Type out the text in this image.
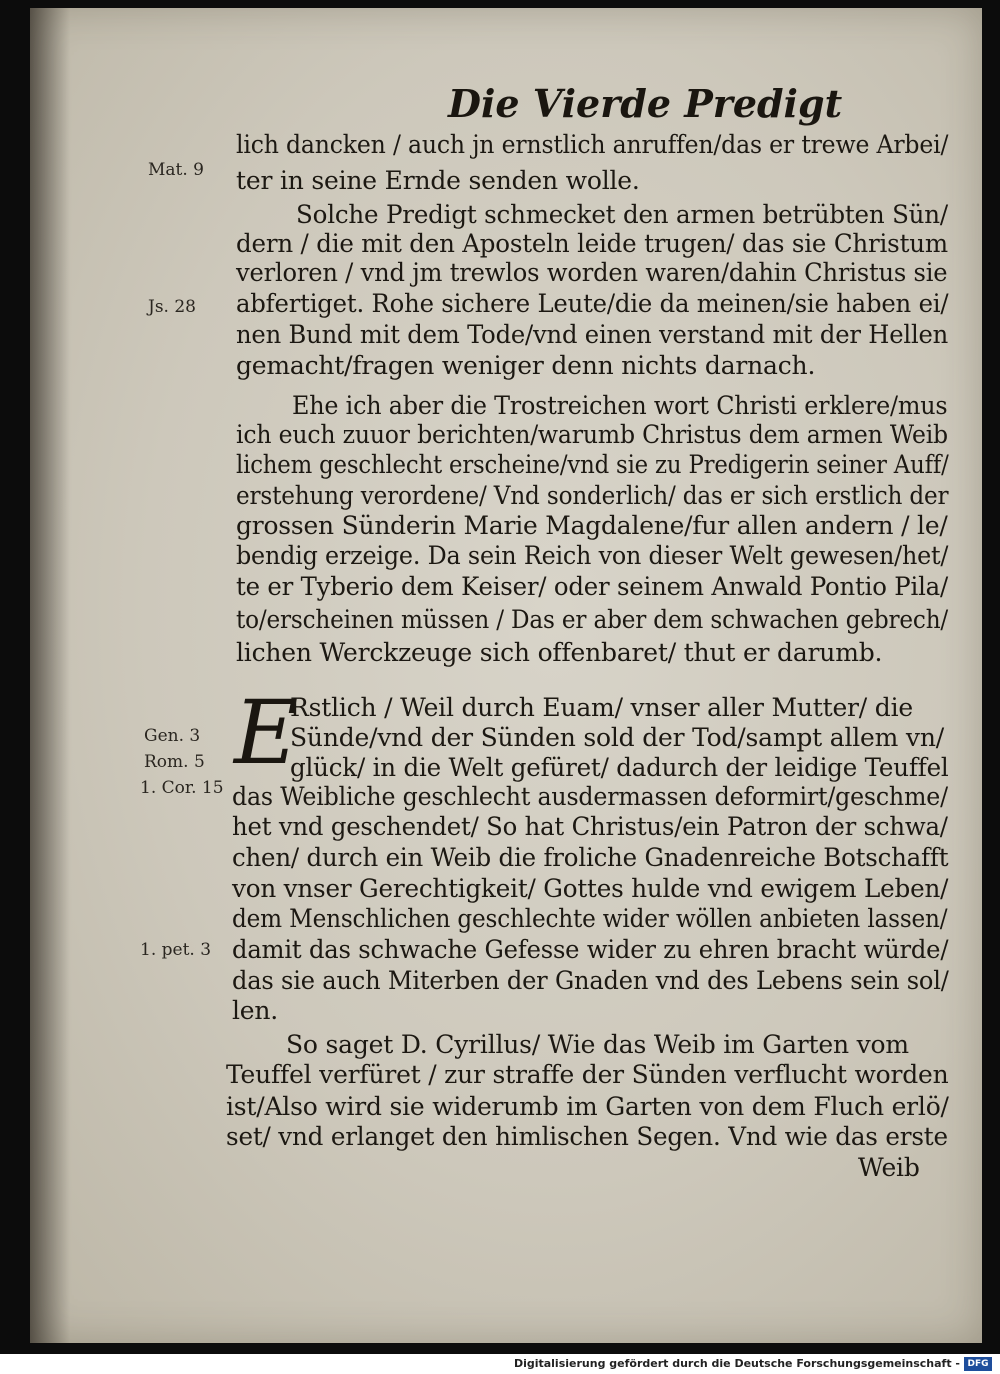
Die Vierde Predigt

Mat. 9

Js. 28

Gen. 3

Rom. 5

1. Cor. 15

1. pet. 3

lich dancken / auch jn ernstlich anruffen/das er trewe Arbei/

ter in seine Ernde senden wolle.

Solche Predigt schmecket den armen betrübten Sün/

dern / die mit den Aposteln leide trugen/ das sie Christum

verloren / vnd jm trewlos worden waren/dahin Christus sie

abfertiget. Rohe sichere Leute/die da meinen/sie haben ei/

nen Bund mit dem Tode/vnd einen verstand mit der Hellen

gemacht/fragen weniger denn nichts darnach.

Ehe ich aber die Trostreichen wort Christi erklere/mus

ich euch zuuor berichten/warumb Christus dem armen Weib

lichem geschlecht erscheine/vnd sie zu Predigerin seiner Auff/

erstehung verordene/ Vnd sonderlich/ das er sich erstlich der

grossen Sünderin Marie Magdalene/fur allen andern / le/

bendig erzeige. Da sein Reich von dieser Welt gewesen/het/

te er Tyberio dem Keiser/ oder seinem Anwald Pontio Pila/

to/erscheinen müssen / Das er aber dem schwachen gebrech/

lichen Werckzeuge sich offenbaret/ thut er darumb.

E

Rstlich / Weil durch Euam/ vnser aller Mutter/ die

Sünde/vnd der Sünden sold der Tod/sampt allem vn/

glück/ in die Welt gefüret/ dadurch der leidige Teuffel

das Weibliche geschlecht ausdermassen deformirt/geschme/

het vnd geschendet/ So hat Christus/ein Patron der schwa/

chen/ durch ein Weib die froliche Gnadenreiche Botschafft

von vnser Gerechtigkeit/ Gottes hulde vnd ewigem Leben/

dem Menschlichen geschlechte wider wöllen anbieten lassen/

damit das schwache Gefesse wider zu ehren bracht würde/

das sie auch Miterben der Gnaden vnd des Lebens sein sol/

len.

So saget D. Cyrillus/ Wie das Weib im Garten vom

Teuffel verfüret / zur straffe der Sünden verflucht worden

ist/Also wird sie widerumb im Garten von dem Fluch erlö/

set/ vnd erlanget den himlischen Segen. Vnd wie das erste

Weib

Digitalisierung gefördert durch die Deutsche Forschungsgemeinschaft - DFG
